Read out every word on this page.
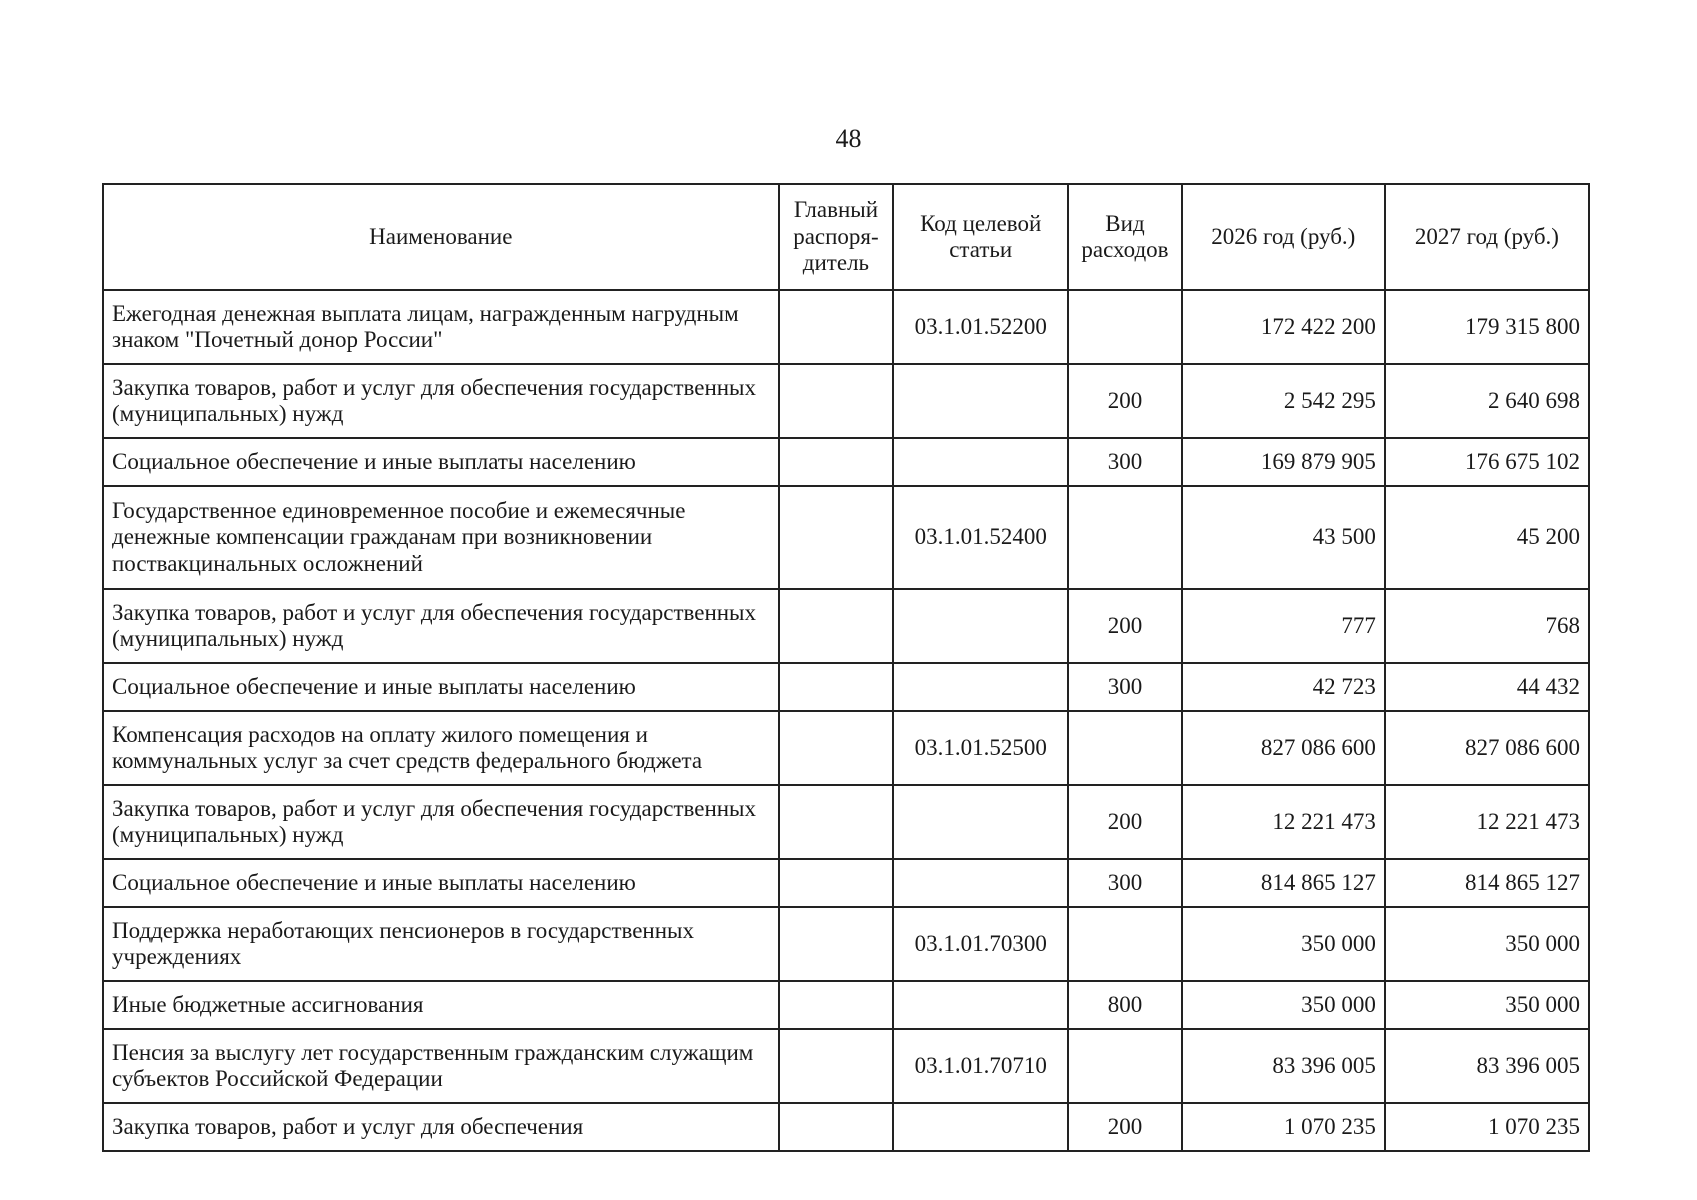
48
Наименование	Главный распоря-дитель	Код целевой статьи	Вид расходов	2026 год (руб.)	2027 год (руб.)
Ежегодная денежная выплата лицам, награжденным нагрудным знаком "Почетный донор России"		03.1.01.52200		172 422 200	179 315 800
Закупка товаров, работ и услуг для обеспечения государственных (муниципальных) нужд			200	2 542 295	2 640 698
Социальное обеспечение и иные выплаты населению			300	169 879 905	176 675 102
Государственное единовременное пособие и ежемесячные денежные компенсации гражданам при возникновении поствакцинальных осложнений		03.1.01.52400		43 500	45 200
Закупка товаров, работ и услуг для обеспечения государственных (муниципальных) нужд			200	777	768
Социальное обеспечение и иные выплаты населению			300	42 723	44 432
Компенсация расходов на оплату жилого помещения и коммунальных услуг за счет средств федерального бюджета		03.1.01.52500		827 086 600	827 086 600
Закупка товаров, работ и услуг для обеспечения государственных (муниципальных) нужд			200	12 221 473	12 221 473
Социальное обеспечение и иные выплаты населению			300	814 865 127	814 865 127
Поддержка неработающих пенсионеров в государственных учреждениях		03.1.01.70300		350 000	350 000
Иные бюджетные ассигнования			800	350 000	350 000
Пенсия за выслугу лет государственным гражданским служащим субъектов Российской Федерации		03.1.01.70710		83 396 005	83 396 005
Закупка товаров, работ и услуг для обеспечения			200	1 070 235	1 070 235
